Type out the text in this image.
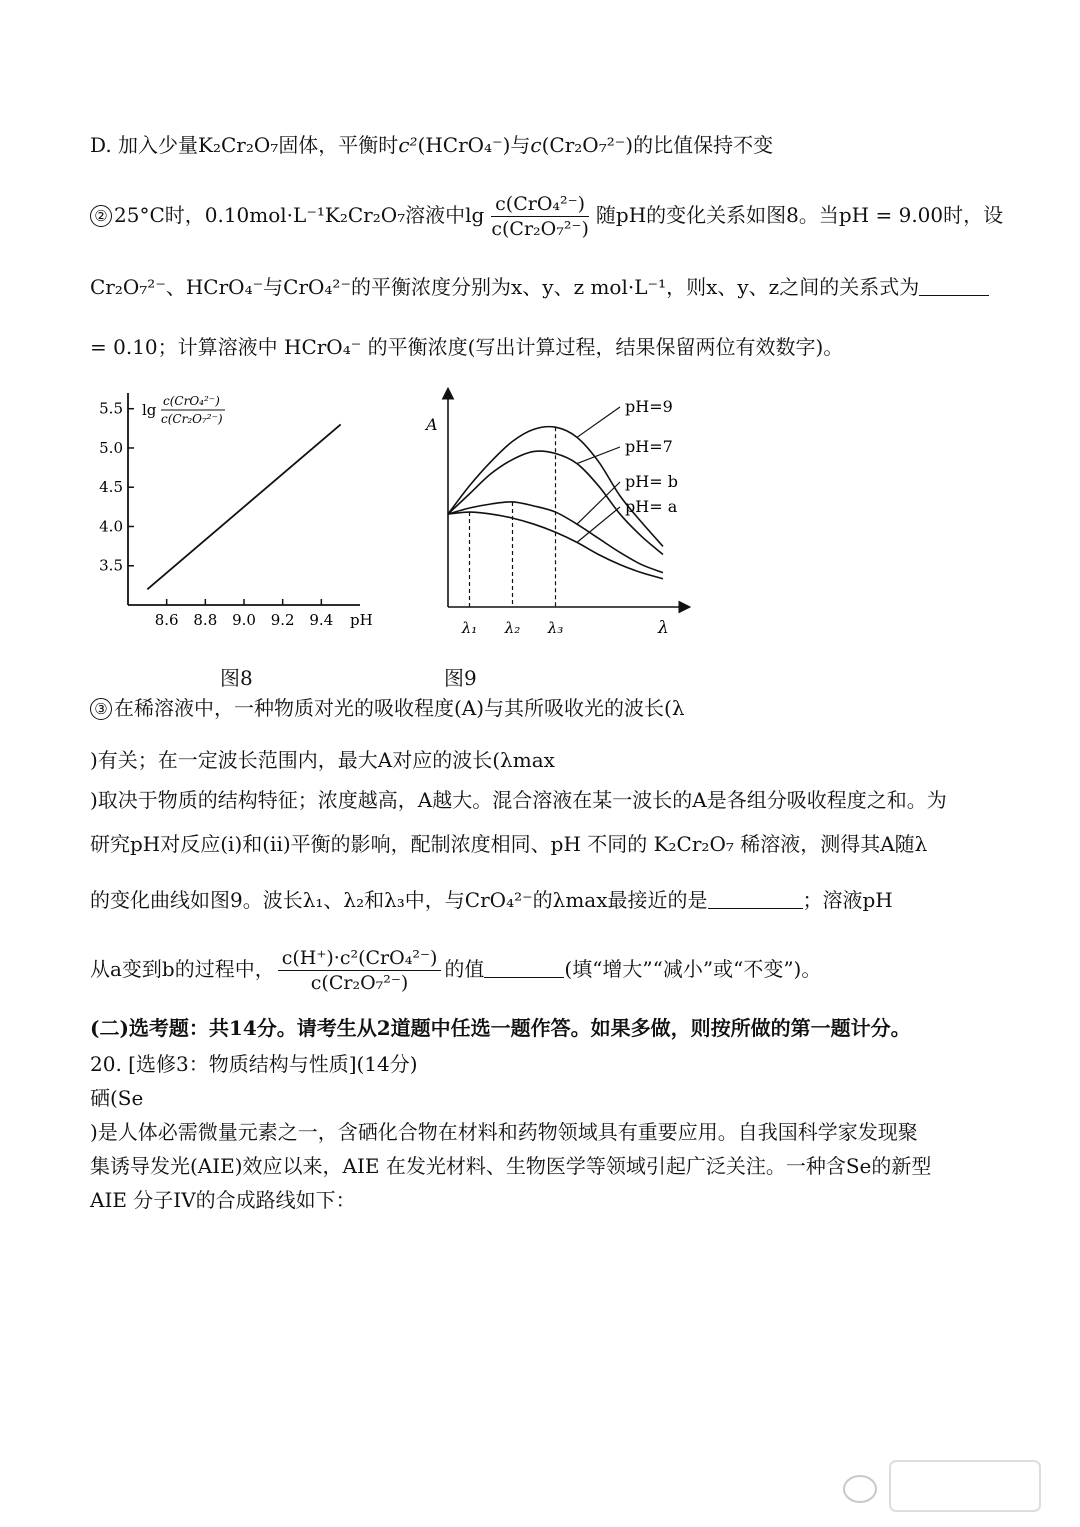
D. 加入少量K₂Cr₂O₇固体，平衡时c²(HCrO₄⁻)与c(Cr₂O₇²⁻)的比值保持不变
② 25°C时，0.10mol·L⁻¹K₂Cr₂O₇溶液中$\lg \frac{\text{c(CrO₄²⁻)}}{\text{c(Cr₂O₇²⁻)}}$ 随pH的变化关系如图8。当pH = 9.00时，设
Cr₂O₇²⁻、HCrO₄⁻与CrO₄²⁻的平衡浓度分别为x、y、z mol·L⁻¹，则x、y、z之间的关系式为
= 0.10；计算溶液中 HCrO₄⁻ 的平衡浓度(写出计算过程，结果保留两位有效数字)。
3.5
4.0
4.5
5.0
5.5
8.6 8.8 9.0 9.2 9.4
lg c(CrO₄²⁻)
c(Cr₂O₇²⁻)
pH
图8
pH=9
pH=7
pH= b
pH= a
A
λ
λ₁ λ₂ λ₃
图9
③ 在稀溶液中，一种物质对光的吸收程度(A)与其所吸收光的波长(λ
)有关；在一定波长范围内，最大A对应的波长(λmax
)取决于物质的结构特征；浓度越高，A越大。混合溶液在某一波长的A是各组分吸收程度之和。为
研究pH对反应(i)和(ii)平衡的影响，配制浓度相同、pH 不同的 K₂Cr₂O₇ 稀溶液，测得其A随λ
的变化曲线如图9。波长λ₁、λ₂和λ₃中，与CrO₄²⁻的λmax最接近的是	；溶液pH
从a变到b的过程中， $\frac{\text{c(H⁺)·c²(CrO₄²⁻)}}{\text{c(Cr₂O₇²⁻)}}$ 的值	(填“增大”“减小”或“不变”)。
(二)选考题：共14分。请考生从2道题中任选一题作答。如果多做，则按所做的第一题计分。
20. [选修3：物质结构与性质](14分)
硒(Se
)是人体必需微量元素之一，含硒化合物在材料和药物领域具有重要应用。自我国科学家发现聚
集诱导发光(AIE)效应以来，AIE 在发光材料、生物医学等领域引起广泛关注。一种含Se的新型
AIE 分子IV的合成路线如下：
